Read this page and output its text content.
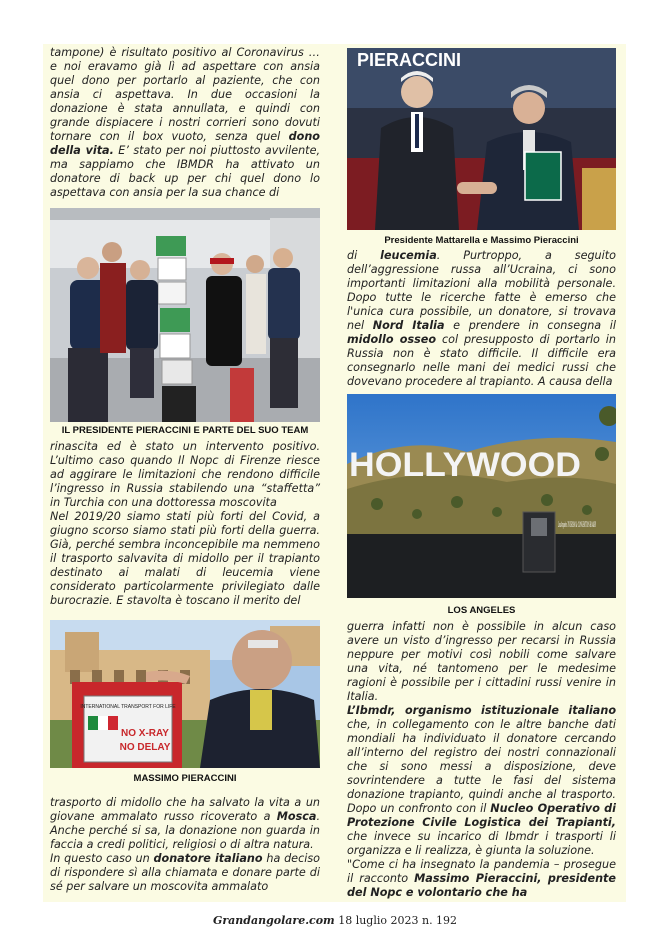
tampone) è risultato positivo al Coronavirus … e noi eravamo già lì ad aspettare con ansia quel dono per portarlo al paziente, che con ansia ci aspettava. In due occasioni la donazione è stata annullata, e quindi con grande dispiacere i nostri corrieri sono dovuti tornare con il box vuoto, senza quel dono della vita. E’ stato per noi piuttosto avvilente, ma sappiamo che IBMDR ha attivato un donatore di back up per chi quel dono lo aspettava con ansia per la sua chance di

IL PRESIDENTE PIERACCINI E PARTE DEL SUO TEAM

rinascita ed è stato un intervento positivo. L’ultimo caso quando Il Nopc di Firenze riesce ad aggirare le limitazioni che rendono difficile l’ingresso in Russia stabilendo una “staffetta” in Turchia con una dottoressa moscovita

Nel 2019/20 siamo stati più forti del Covid, a giugno scorso siamo stati più forti della guerra. Già, perché sembra inconcepibile ma nemmeno il trasporto salvavita di midollo per il trapianto destinato ai malati di leucemia viene considerato particolarmente privilegiato dalle burocrazie. E stavolta è toscano il merito del

INTERNATIONAL TRANSPORT FOR LIFE
NO X-RAY
NO DELAY
MASSIMO PIERACCINI

trasporto di midollo che ha salvato la vita a un giovane ammalato russo ricoverato a Mosca. Anche perché si sa, la donazione non guarda in faccia a credi politici, religiosi o di altra natura.

In questo caso un donatore italiano ha deciso di rispondere sì alla chiamata e donare parte di sé per salvare un moscovita ammalato

PIERACCINI
Presidente Mattarella e Massimo Pieraccini

di leucemia. Purtroppo, a seguito dell’aggressione russa all’Ucraina, ci sono importanti limitazioni alla mobilità personale. Dopo tutte le ricerche fatte è emerso che l'unica cura possibile, un donatore, si trovava nel Nord Italia e prendere in consegna il midollo osseo col presupposto di portarlo in Russia non è stato difficile. Il difficile era consegnarlo nelle mani dei medici russi che dovevano procedere al trapianto. A causa della

HOLLYWOOD
LosAngeles TOURISM & CONVENTION BOARD
LOS ANGELES

guerra infatti non è possibile in alcun caso avere un visto d’ingresso per recarsi in Russia neppure per motivi così nobili come salvare una vita, né tantomeno per le medesime ragioni è possibile per i cittadini russi venire in Italia.

L’Ibmdr, organismo istituzionale italiano che, in collegamento con le altre banche dati mondiali ha individuato il donatore cercando all’interno del registro dei nostri connazionali che si sono messi a disposizione, deve sovrintendere a tutte le fasi del sistema donazione trapianto, quindi anche al trasporto. Dopo un confronto con il Nucleo Operativo di Protezione Civile Logistica dei Trapianti, che invece su incarico di Ibmdr i trasporti li organizza e li realizza, è giunta la soluzione.

"Come ci ha insegnato la pandemia – prosegue il racconto Massimo Pieraccini, presidente del Nopc e volontario che ha

Grandangolare.com 18 luglio 2023 n. 192
